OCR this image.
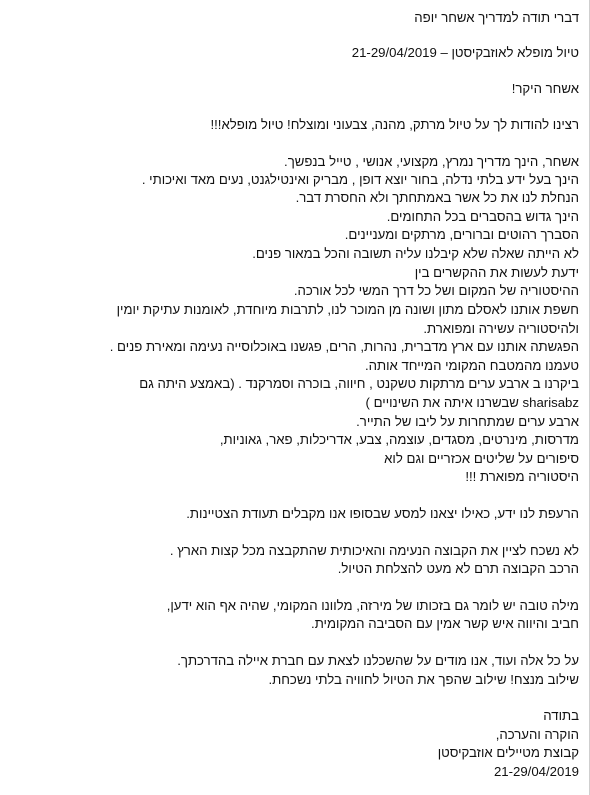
דברי תודה למדריך אשחר יופה
טיול מופלא לאוזבקיסטן – 21-29/04/2019
אשחר היקר!
רצינו להודות לך על טיול מרתק, מהנה, צבעוני ומוצלח! טיול מופלא!!!
אשחר, הינך מדריך נמרץ, מקצועי, אנושי , טייל בנפשך.
הינך בעל ידע בלתי נדלה, בחור יוצא דופן , מבריק ואינטילגנט, נעים מאד ואיכותי .
הנחלת לנו את כל אשר באמתחתך ולא החסרת דבר.
הינך גדוש בהסברים בכל התחומים.
הסברך רהוטים וברורים, מרתקים ומעניינים.
לא הייתה שאלה שלא קיבלנו עליה תשובה והכל במאור פנים.
ידעת לעשות את ההקשרים בין
ההיסטוריה של המקום ושל כל דרך המשי לכל אורכה.
חשפת אותנו לאסלם מתון ושונה מן המוכר לנו, לתרבות מיוחדת, לאומנות עתיקת יומין
ולהיסטוריה עשירה ומפוארת.
הפגשתה אותנו עם ארץ מדברית, נהרות, הרים, פגשנו באוכלוסייה נעימה ומאירת פנים .
טעמנו מהמטבח המקומי המייחד אותה.
ביקרנו ב ארבע ערים מרתקות טשקנט , חיווה, בוכרה וסמרקנד . (באמצע היתה גם
sharisabz שבשרנו איתה את השינויים )
ארבע ערים שמתחרות על ליבו של התייר.
מדרסות, מינרטים, מסגדים, עוצמה, צבע, אדריכלות, פאר, גאוניות,
סיפורים על שליטים אכזריים וגם לוא
היסטוריה מפוארת !!!
הרעפת לנו ידע, כאילו יצאנו למסע שבסופו אנו מקבלים תעודת הצטיינות.
לא נשכח לציין את הקבוצה הנעימה והאיכותית שהתקבצה מכל קצות הארץ .
הרכב הקבוצה תרם לא מעט להצלחת הטיול.
מילה טובה יש לומר גם בזכותו של מירזה, מלוונו המקומי, שהיה אף הוא ידען,
חביב והיווה איש קשר אמין עם הסביבה המקומית.
על כל אלה ועוד, אנו מודים על שהשכלנו לצאת עם חברת איילה בהדרכתך.
שילוב מנצח! שילוב שהפך את הטיול לחוויה בלתי נשכחת.
בתודה
הוקרה והערכה,
קבוצת מטיילים אוזבקיסטן
21-29/04/2019
